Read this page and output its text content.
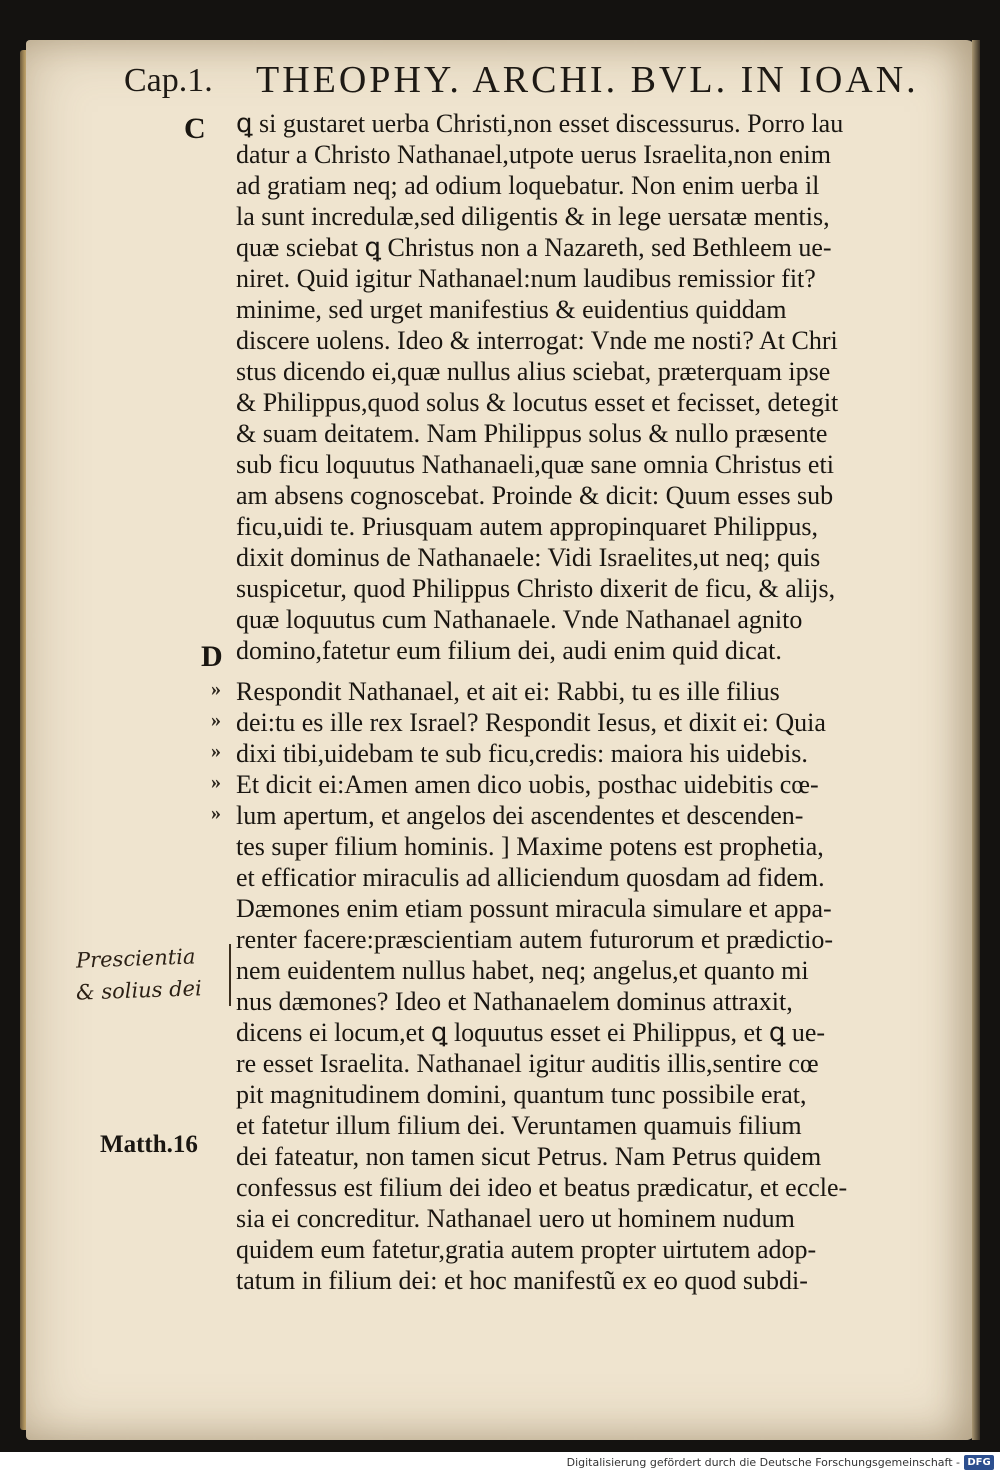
Cap.1. THEOPHY. ARCHI. BVL. IN IOAN.
C
D
»
»
»
»
»
Prescientia
& solius dei
Matth.16
ꝗ si gustaret uerba Christi,non esset discessurus. Porro lau
datur a Christo Nathanael,utpote uerus Israelita,non enim
ad gratiam neq; ad odium loquebatur. Non enim uerba il
la sunt incredulæ,sed diligentis & in lege uersatæ mentis,
quæ sciebat ꝗ Christus non a Nazareth, sed Bethleem ue-
niret. Quid igitur Nathanael:num laudibus remissior fit?
minime, sed urget manifestius & euidentius quiddam
discere uolens. Ideo & interrogat: Vnde me nosti? At Chri
stus dicendo ei,quæ nullus alius sciebat, præterquam ipse
& Philippus,quod solus & locutus esset et fecisset, detegit
& suam deitatem. Nam Philippus solus & nullo præsente
sub ficu loquutus Nathanaeli,quæ sane omnia Christus eti
am absens cognoscebat. Proinde & dicit: Quum esses sub
ficu,uidi te. Priusquam autem appropinquaret Philippus,
dixit dominus de Nathanaele: Vidi Israelites,ut neq; quis
suspicetur, quod Philippus Christo dixerit de ficu, & alijs,
quæ loquutus cum Nathanaele. Vnde Nathanael agnito
domino,fatetur eum filium dei, audi enim quid dicat.
Respondit Nathanael, et ait ei: Rabbi, tu es ille filius
dei:tu es ille rex Israel? Respondit Iesus, et dixit ei: Quia
dixi tibi,uidebam te sub ficu,credis: maiora his uidebis.
Et dicit ei:Amen amen dico uobis, posthac uidebitis cœ-
lum apertum, et angelos dei ascendentes et descenden-
tes super filium hominis. ] Maxime potens est prophetia,
et efficatior miraculis ad alliciendum quosdam ad fidem.
Dæmones enim etiam possunt miracula simulare et appa-
renter facere:præscientiam autem futurorum et prædictio-
nem euidentem nullus habet, neq; angelus,et quanto mi
nus dæmones? Ideo et Nathanaelem dominus attraxit,
dicens ei locum,et ꝗ loquutus esset ei Philippus, et ꝗ ue-
re esset Israelita. Nathanael igitur auditis illis,sentire cœ
pit magnitudinem domini, quantum tunc possibile erat,
et fatetur illum filium dei. Veruntamen quamuis filium
dei fateatur, non tamen sicut Petrus. Nam Petrus quidem
confessus est filium dei ideo et beatus prædicatur, et eccle-
sia ei concreditur. Nathanael uero ut hominem nudum
quidem eum fatetur,gratia autem propter uirtutem adop-
tatum in filium dei: et hoc manifestũ ex eo quod subdi-
Digitalisierung gefördert durch die Deutsche Forschungsgemeinschaft - DFG
